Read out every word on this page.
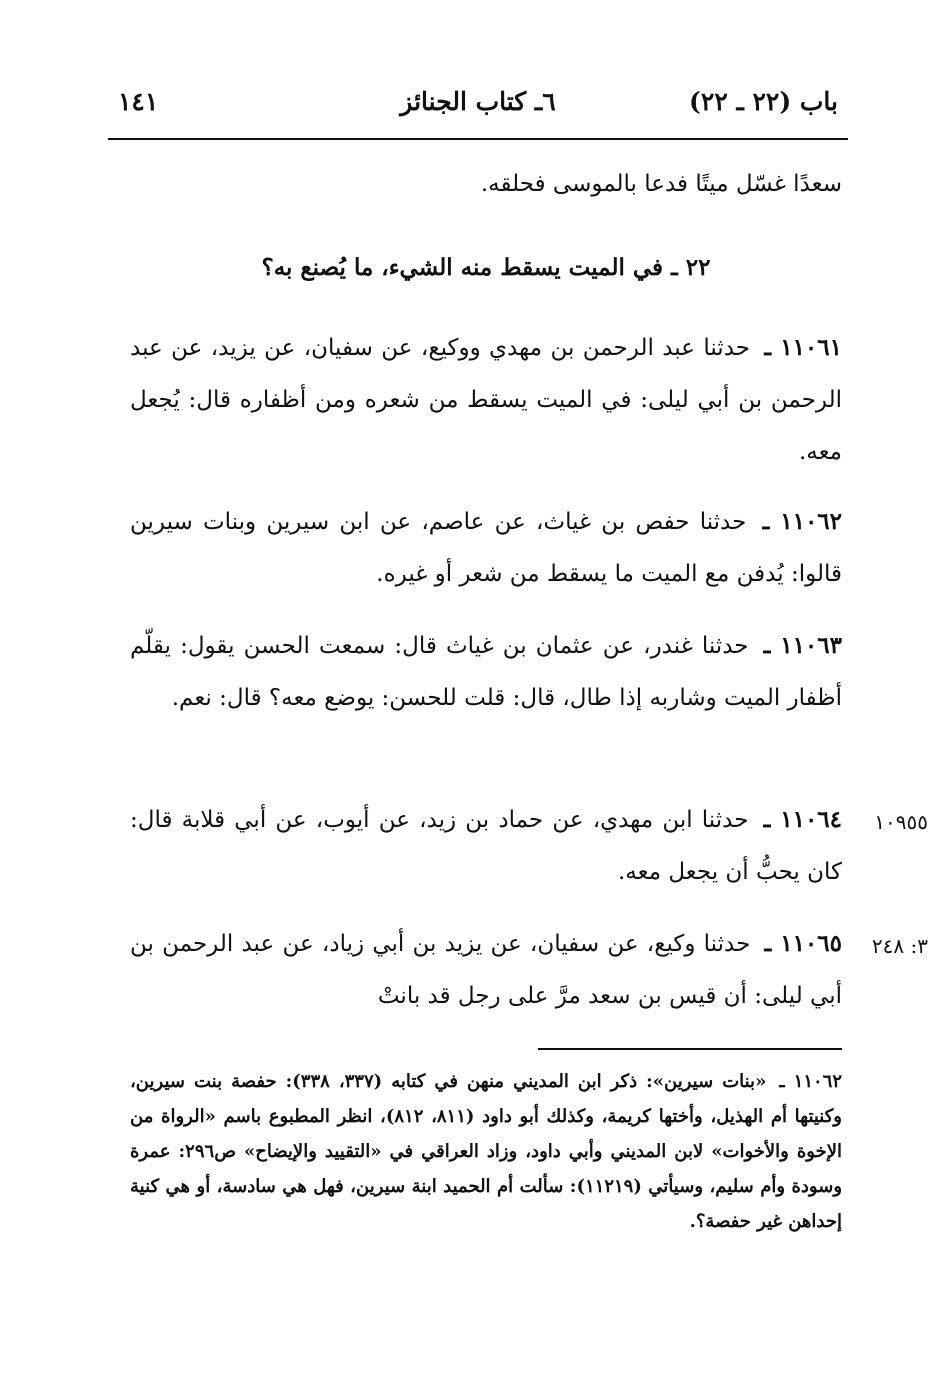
باب (٢٢ ـ ٢٢)
٦ـ كتاب الجنائز
١٤١
سعدًا غسّل ميتًا فدعا بالموسى فحلقه.
٢٢ ـ في الميت يسقط منه الشيء، ما يُصنع به؟
١١٠٦١ ـ حدثنا عبد الرحمن بن مهدي ووكيع، عن سفيان، عن يزيد، عن عبد الرحمن بن أبي ليلى: في الميت يسقط من شعره ومن أظفاره قال: يُجعل معه.
١١٠٦٢ ـ حدثنا حفص بن غياث، عن عاصم، عن ابن سيرين وبنات سيرين قالوا: يُدفن مع الميت ما يسقط من شعر أو غيره.
١١٠٦٣ ـ حدثنا غندر، عن عثمان بن غياث قال: سمعت الحسن يقول: يقلّم أظفار الميت وشاربه إذا طال، قال: قلت للحسن: يوضع معه؟ قال: نعم.
١٠٩٥٥
١١٠٦٤ ـ حدثنا ابن مهدي، عن حماد بن زيد، عن أيوب، عن أبي قلابة قال: كان يحبُّ أن يجعل معه.
٣: ٢٤٨
١١٠٦٥ ـ حدثنا وكيع، عن سفيان، عن يزيد بن أبي زياد، عن عبد الرحمن بن أبي ليلى: أن قيس بن سعد مرَّ على رجل قد بانتْ
١١٠٦٢ ـ «بنات سيرين»: ذكر ابن المديني منهن في كتابه (٣٣٧، ٣٣٨): حفصة بنت سيرين، وكنيتها أم الهذيل، وأختها كريمة، وكذلك أبو داود (٨١١، ٨١٢)، انظر المطبوع باسم «الرواة من الإخوة والأخوات» لابن المديني وأبي داود، وزاد العراقي في «التقييد والإيضاح» ص٢٩٦: عمرة وسودة وأم سليم، وسيأتي (١١٢١٩): سألت أم الحميد ابنة سيرين، فهل هي سادسة، أو هي كنية إحداهن غير حفصة؟.
